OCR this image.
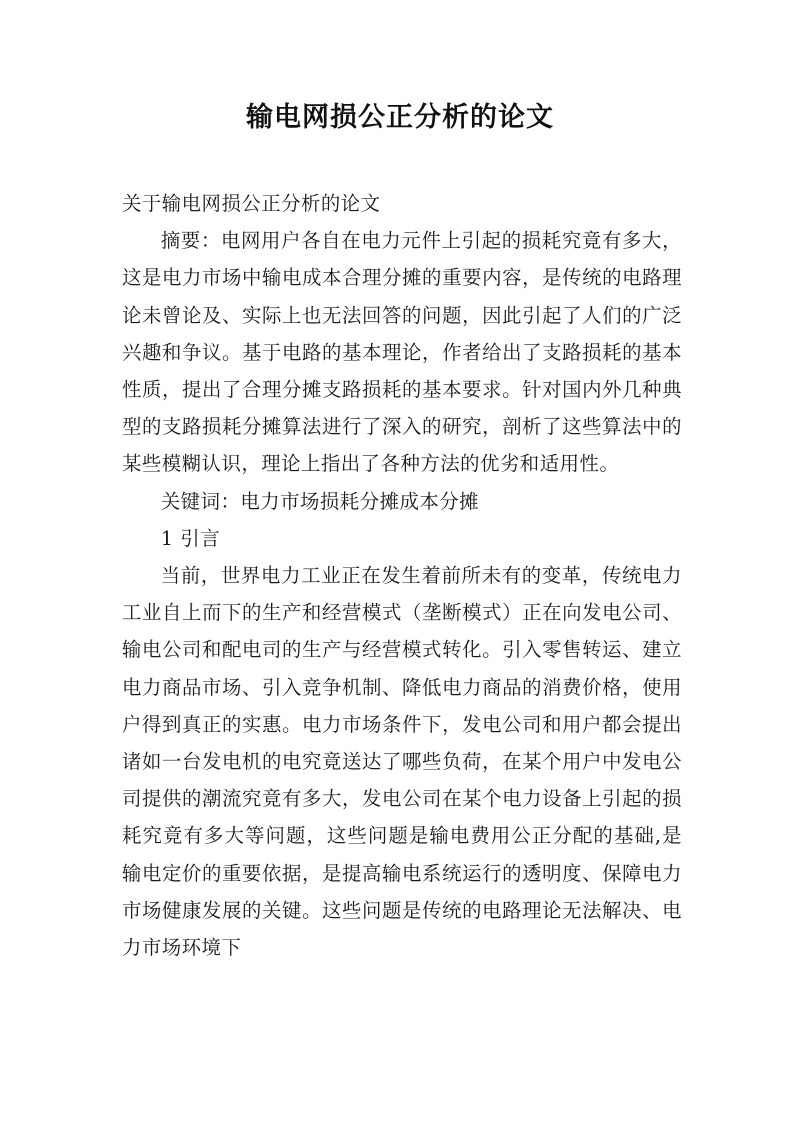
输电网损公正分析的论文

关于输电网损公正分析的论文

摘要：电网用户各自在电力元件上引起的损耗究竟有多大，这是电力市场中输电成本合理分摊的重要内容，是传统的电路理论未曾论及、实际上也无法回答的问题，因此引起了人们的广泛兴趣和争议。基于电路的基本理论，作者给出了支路损耗的基本性质，提出了合理分摊支路损耗的基本要求。针对国内外几种典型的支路损耗分摊算法进行了深入的研究，剖析了这些算法中的某些模糊认识，理论上指出了各种方法的优劣和适用性。

关键词：电力市场损耗分摊成本分摊

1 引言

当前，世界电力工业正在发生着前所未有的变革，传统电力工业自上而下的生产和经营模式（垄断模式）正在向发电公司、输电公司和配电司的生产与经营模式转化。引入零售转运、建立电力商品市场、引入竞争机制、降低电力商品的消费价格，使用户得到真正的实惠。电力市场条件下，发电公司和用户都会提出诸如一台发电机的电究竟送达了哪些负荷，在某个用户中发电公司提供的潮流究竟有多大，发电公司在某个电力设备上引起的损耗究竟有多大等问题，这些问题是输电费用公正分配的基础,是输电定价的重要依据，是提高输电系统运行的透明度、保障电力市场健康发展的关键。这些问题是传统的电路理论无法解决、电力市场环境下
